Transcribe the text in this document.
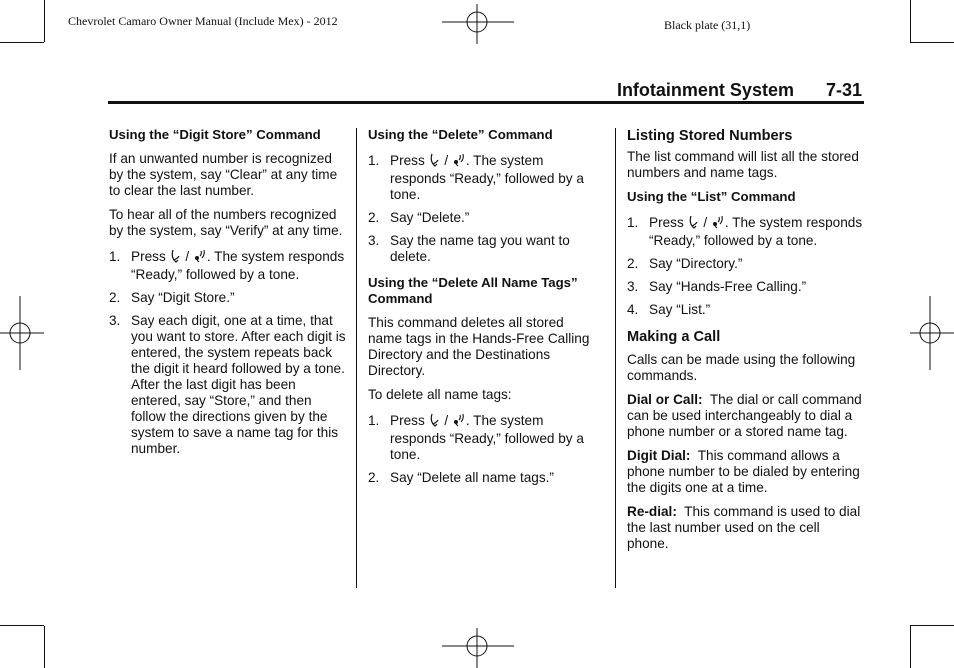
Chevrolet Camaro Owner Manual (Include Mex) - 2012	Black plate (31,1)
Infotainment System 7-31
Using the “Digit Store” Command

If an unwanted number is recognized by the system, say “Clear” at any time to clear the last number.

To hear all of the numbers recognized by the system, say “Verify” at any time.

1. Press / . The system responds “Ready,” followed by a tone.
2. Say “Digit Store.”
3. Say each digit, one at a time, that you want to store. After each digit is entered, the system repeats back the digit it heard followed by a tone. After the last digit has been entered, say “Store,” and then follow the directions given by the system to save a name tag for this number.
Using the “Delete” Command
1. Press / . The system responds “Ready,” followed by a tone.
2. Say “Delete.”
3. Say the name tag you want to delete.
Using the “Delete All Name Tags” Command

This command deletes all stored name tags in the Hands-Free Calling Directory and the Destinations Directory.

To delete all name tags:

1. Press / . The system responds “Ready,” followed by a tone.
2. Say “Delete all name tags.”
Listing Stored Numbers

The list command will list all the stored numbers and name tags.

Using the “List” Command
1. Press / . The system responds “Ready,” followed by a tone.
2. Say “Directory.”
3. Say “Hands-Free Calling.”
4. Say “List.”
Making a Call

Calls can be made using the following commands.

Dial or Call: The dial or call command can be used interchangeably to dial a phone number or a stored name tag.

Digit Dial: This command allows a phone number to be dialed by entering the digits one at a time.

Re-dial: This command is used to dial the last number used on the cell phone.
